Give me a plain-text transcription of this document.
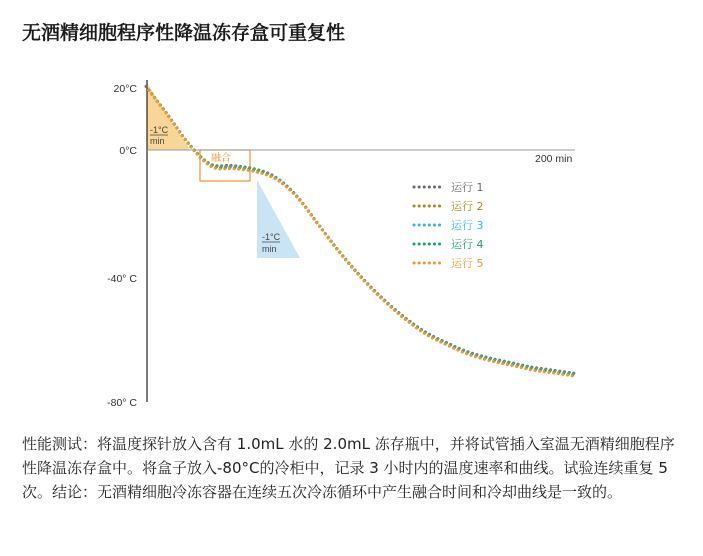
无酒精细胞程序性降温冻存盒可重复性
20°C
0°C
-40° C
-80° C
200 min
-1°C
min
融合
-1°C
min
运行 1
运行 2
运行 3
运行 4
运行 5

性能测试：将温度探针放入含有 1.0mL 水的 2.0mL 冻存瓶中，并将试管插入室温无酒精细胞程序性降温冻存盒中。将盒子放入-80°C的冷柜中，记录 3 小时内的温度速率和曲线。试验连续重复 5 次。结论：无酒精细胞冷冻容器在连续五次冷冻循环中产生融合时间和冷却曲线是一致的。
